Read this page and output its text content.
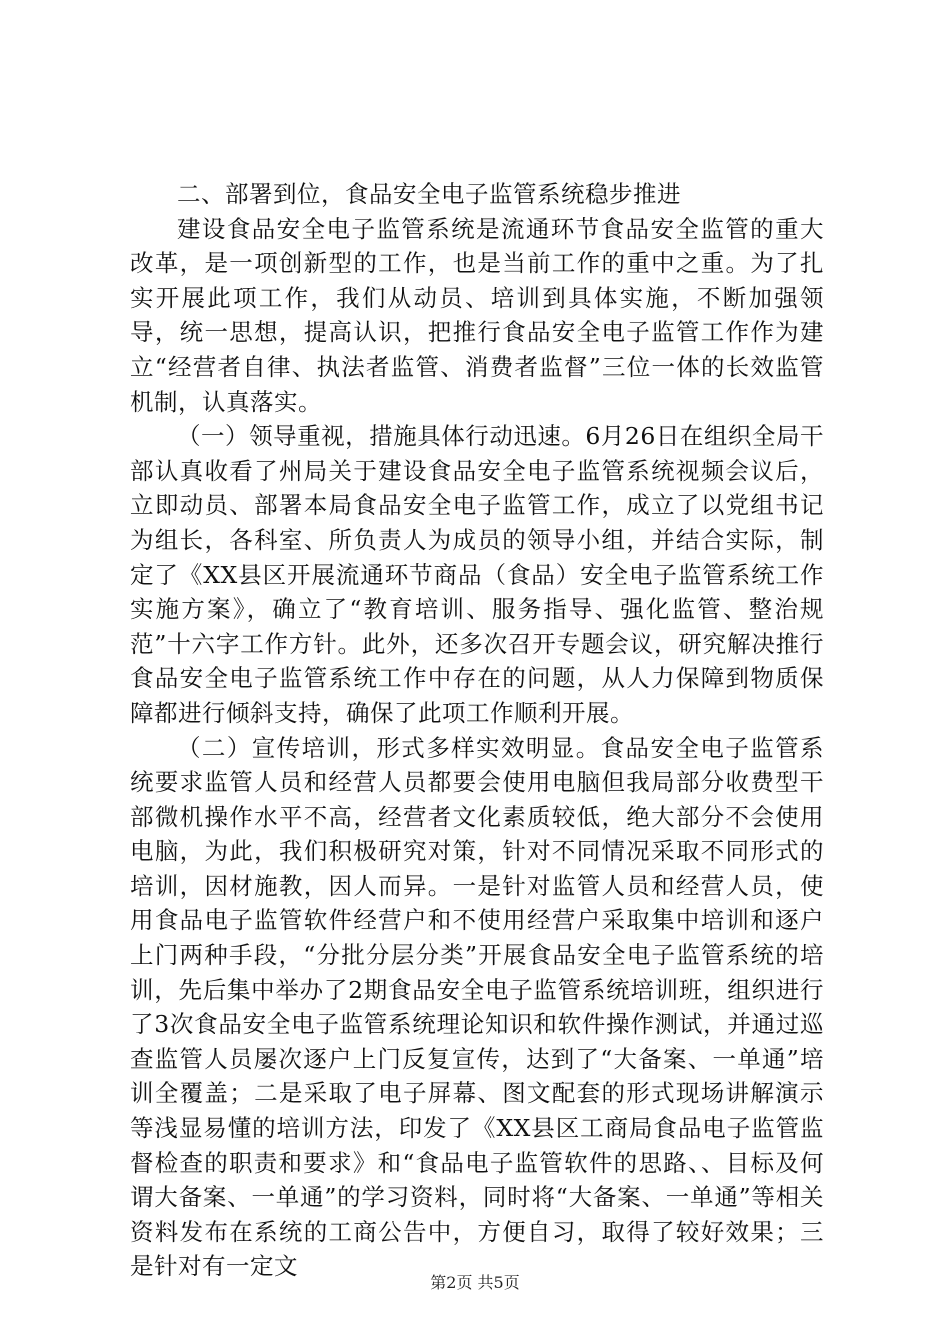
二、部署到位，食品安全电子监管系统稳步推进

建设食品安全电子监管系统是流通环节食品安全监管的重大改革，是一项创新型的工作，也是当前工作的重中之重。为了扎实开展此项工作，我们从动员、培训到具体实施，不断加强领导，统一思想，提高认识，把推行食品安全电子监管工作作为建立“经营者自律、执法者监管、消费者监督”三位一体的长效监管机制，认真落实。

（一）领导重视，措施具体行动迅速。6月26日在组织全局干部认真收看了州局关于建设食品安全电子监管系统视频会议后，立即动员、部署本局食品安全电子监管工作，成立了以党组书记为组长，各科室、所负责人为成员的领导小组，并结合实际，制定了《XX县区开展流通环节商品（食品）安全电子监管系统工作实施方案》，确立了“教育培训、服务指导、强化监管、整治规范”十六字工作方针。此外，还多次召开专题会议，研究解决推行食品安全电子监管系统工作中存在的问题，从人力保障到物质保障都进行倾斜支持，确保了此项工作顺利开展。

（二）宣传培训，形式多样实效明显。食品安全电子监管系统要求监管人员和经营人员都要会使用电脑但我局部分收费型干部微机操作水平不高，经营者文化素质较低，绝大部分不会使用电脑，为此，我们积极研究对策，针对不同情况采取不同形式的培训，因材施教，因人而异。一是针对监管人员和经营人员，使用食品电子监管软件经营户和不使用经营户采取集中培训和逐户上门两种手段，“分批分层分类”开展食品安全电子监管系统的培训，先后集中举办了2期食品安全电子监管系统培训班，组织进行了3次食品安全电子监管系统理论知识和软件操作测试，并通过巡查监管人员屡次逐户上门反复宣传，达到了“大备案、一单通”培训全覆盖；二是采取了电子屏幕、图文配套的形式现场讲解演示等浅显易懂的培训方法，印发了《XX县区工商局食品电子监管监督检查的职责和要求》和“食品电子监管软件的思路、、目标及何谓大备案、一单通”的学习资料，同时将“大备案、一单通”等相关资料发布在系统的工商公告中，方便自习，取得了较好效果；三是针对有一定文

第2页 共5页
